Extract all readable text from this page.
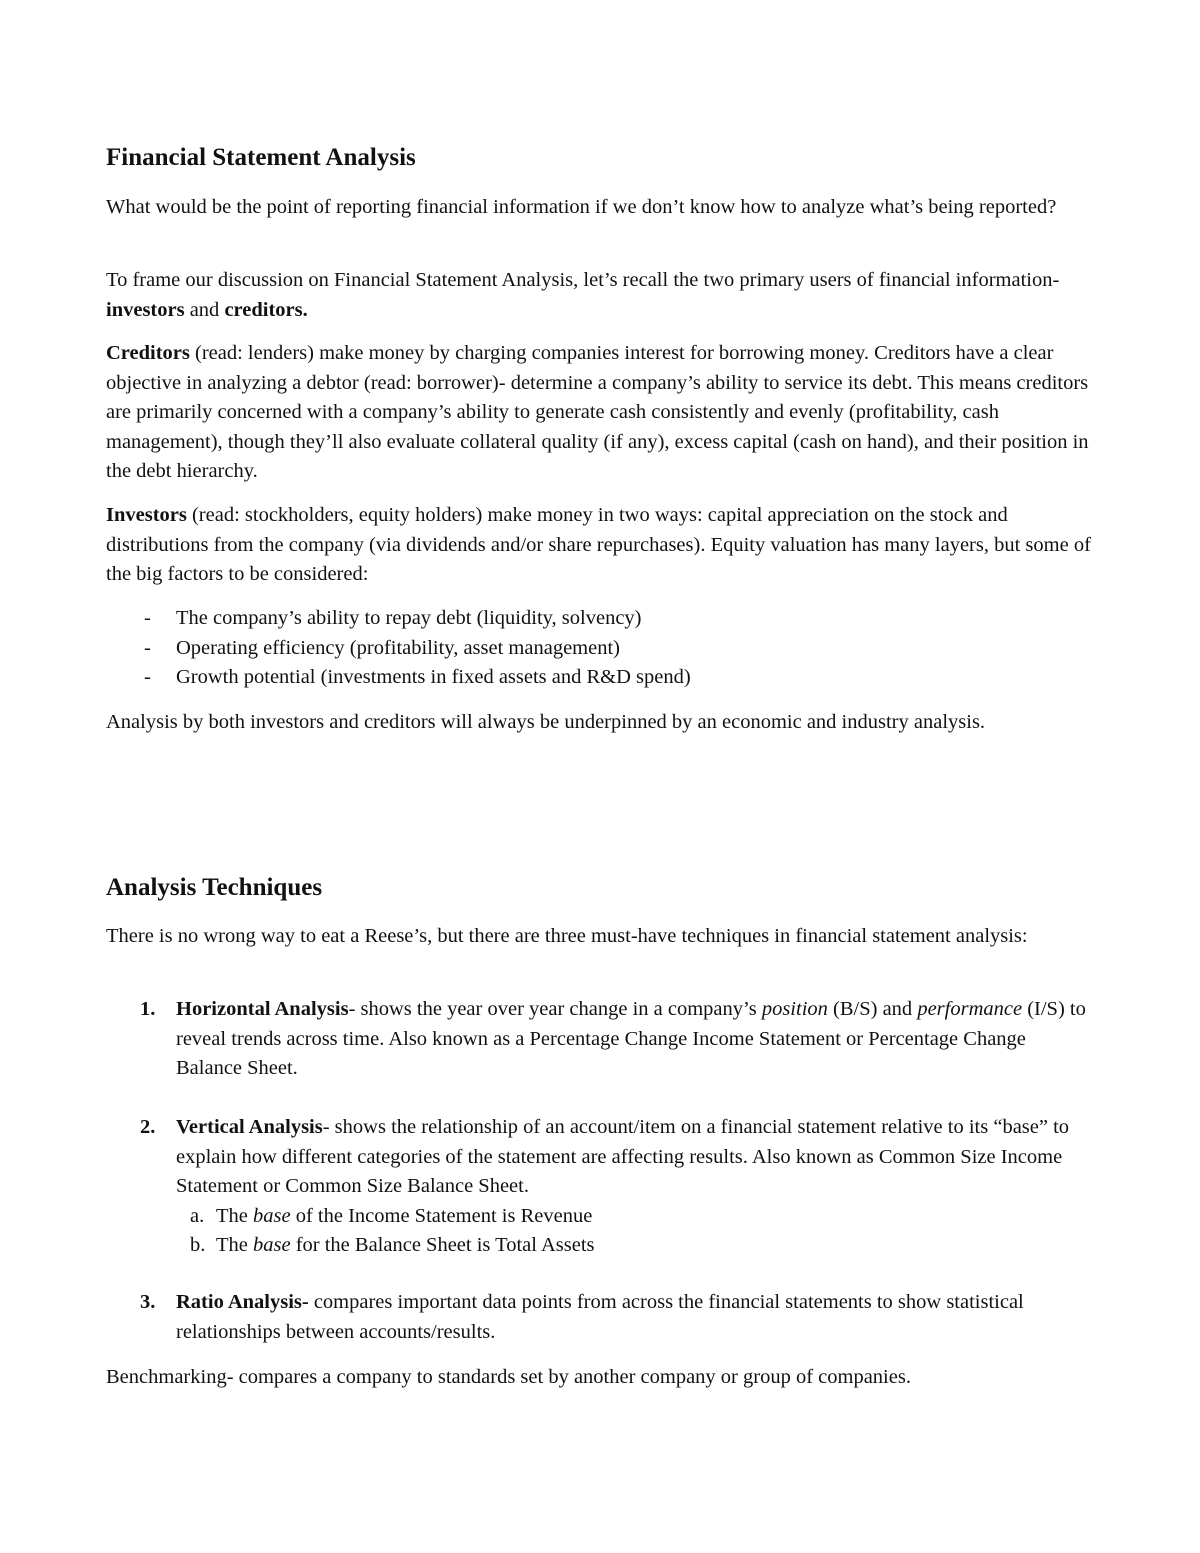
Financial Statement Analysis

What would be the point of reporting financial information if we don’t know how to analyze what’s being reported?

To frame our discussion on Financial Statement Analysis, let’s recall the two primary users of financial information- investors and creditors.

Creditors (read: lenders) make money by charging companies interest for borrowing money. Creditors have a clear objective in analyzing a debtor (read: borrower)- determine a company’s ability to service its debt. This means creditors are primarily concerned with a company’s ability to generate cash consistently and evenly (profitability, cash management), though they’ll also evaluate collateral quality (if any), excess capital (cash on hand), and their position in the debt hierarchy.

Investors (read: stockholders, equity holders) make money in two ways: capital appreciation on the stock and distributions from the company (via dividends and/or share repurchases). Equity valuation has many layers, but some of the big factors to be considered:

- The company’s ability to repay debt (liquidity, solvency)
- Operating efficiency (profitability, asset management)
- Growth potential (investments in fixed assets and R&D spend)

Analysis by both investors and creditors will always be underpinned by an economic and industry analysis.

Analysis Techniques

There is no wrong way to eat a Reese’s, but there are three must-have techniques in financial statement analysis:

1. Horizontal Analysis- shows the year over year change in a company’s position (B/S) and performance (I/S) to reveal trends across time. Also known as a Percentage Change Income Statement or Percentage Change Balance Sheet.
2. Vertical Analysis- shows the relationship of an account/item on a financial statement relative to its “base” to explain how different categories of the statement are affecting results. Also known as Common Size Income Statement or Common Size Balance Sheet.
a. The base of the Income Statement is Revenue
b. The base for the Balance Sheet is Total Assets
3. Ratio Analysis- compares important data points from across the financial statements to show statistical relationships between accounts/results.

Benchmarking- compares a company to standards set by another company or group of companies.
